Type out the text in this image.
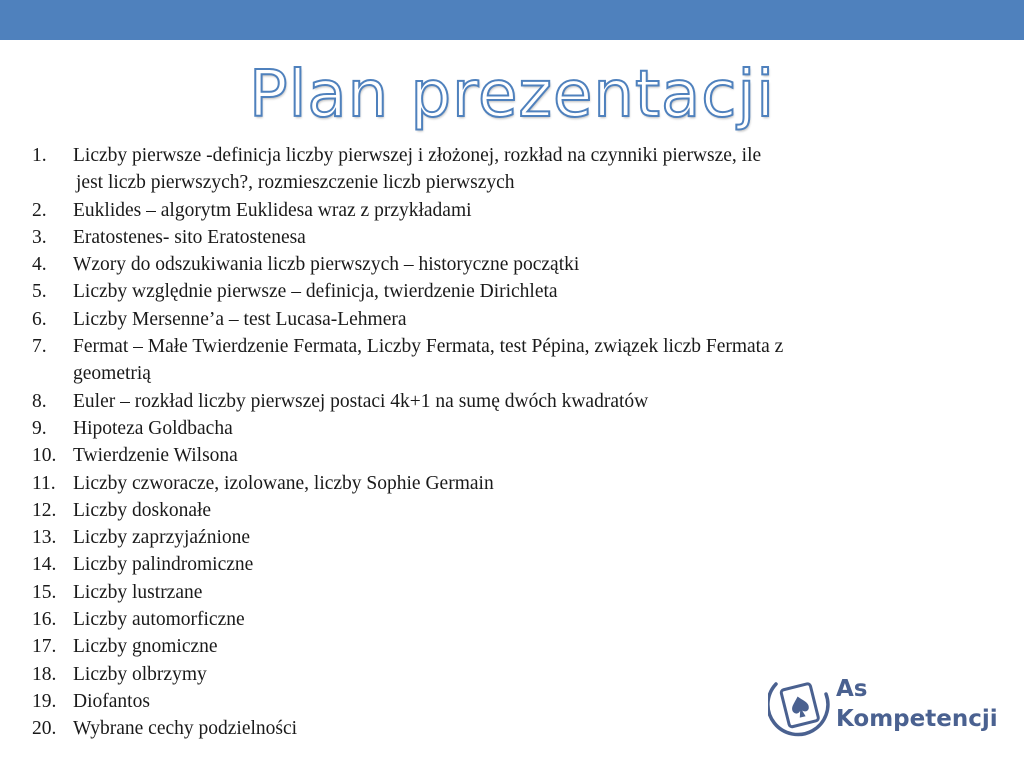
Plan prezentacji
1. Liczby pierwsze -definicja liczby pierwszej i złożonej, rozkład na czynniki pierwsze, ile
jest liczb pierwszych?, rozmieszczenie liczb pierwszych
2. Euklides – algorytm Euklidesa wraz z przykładami
3. Eratostenes- sito Eratostenesa
4. Wzory do odszukiwania liczb pierwszych – historyczne początki
5. Liczby względnie pierwsze – definicja, twierdzenie Dirichleta
6. Liczby Mersenne’a – test Lucasa-Lehmera
7. Fermat – Małe Twierdzenie Fermata, Liczby Fermata, test Pépina, związek liczb Fermata z
geometrią
8. Euler – rozkład liczby pierwszej postaci 4k+1 na sumę dwóch kwadratów
9. Hipoteza Goldbacha
10. Twierdzenie Wilsona
11. Liczby czworacze, izolowane, liczby Sophie Germain
12. Liczby doskonałe
13. Liczby zaprzyjaźnione
14. Liczby palindromiczne
15. Liczby lustrzane
16. Liczby automorficzne
17. Liczby gnomiczne
18. Liczby olbrzymy
19. Diofantos
20. Wybrane cechy podzielności
As
Kompetencji
